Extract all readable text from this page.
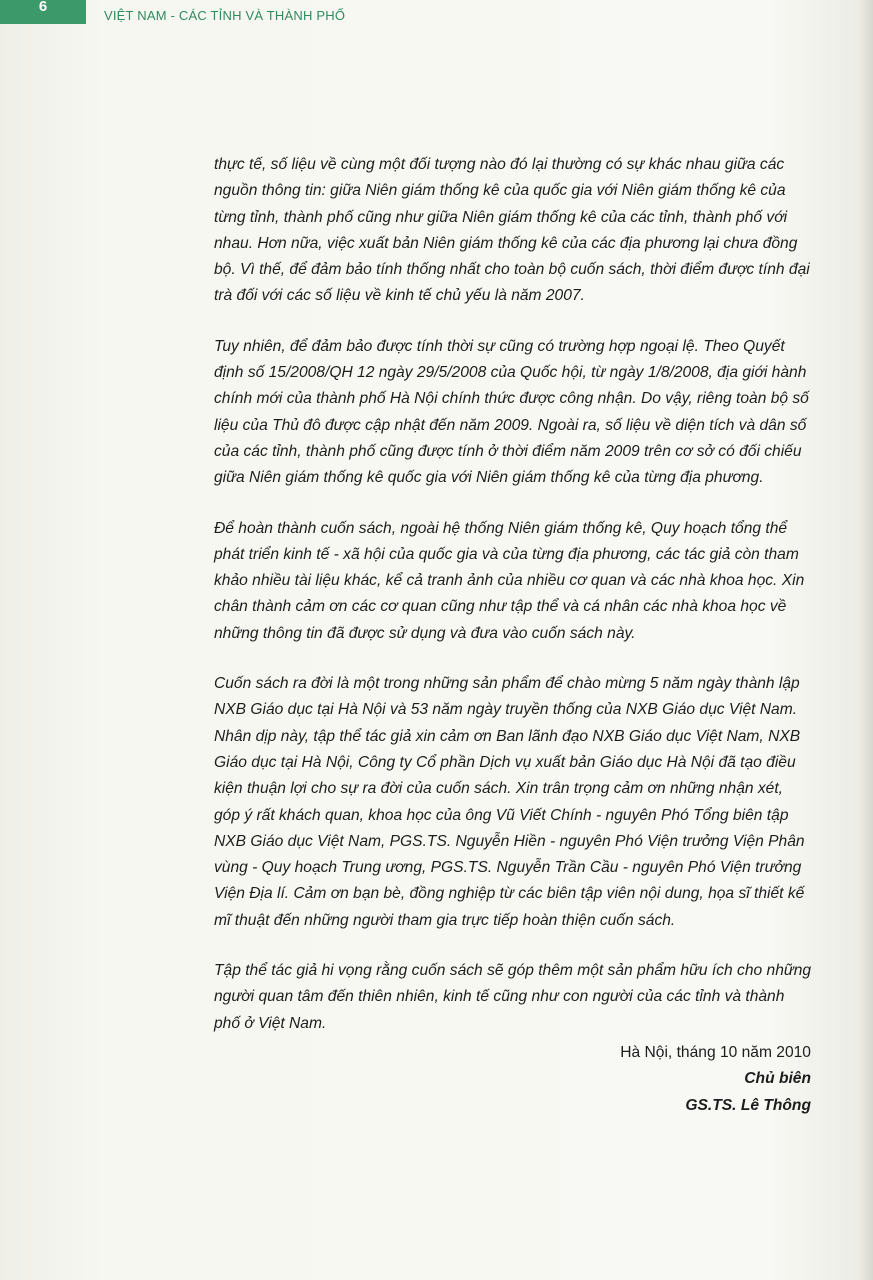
6
VIỆT NAM - CÁC TỈNH VÀ THÀNH PHỐ

thực tế, số liệu về cùng một đối tượng nào đó lại thường có sự khác nhau giữa các nguồn thông tin: giữa Niên giám thống kê của quốc gia với Niên giám thống kê của từng tỉnh, thành phố cũng như giữa Niên giám thống kê của các tỉnh, thành phố với nhau. Hơn nữa, việc xuất bản Niên giám thống kê của các địa phương lại chưa đồng bộ. Vì thế, để đảm bảo tính thống nhất cho toàn bộ cuốn sách, thời điểm được tính đại trà đối với các số liệu về kinh tế chủ yếu là năm 2007.

Tuy nhiên, để đảm bảo được tính thời sự cũng có trường hợp ngoại lệ. Theo Quyết định số 15/2008/QH 12 ngày 29/5/2008 của Quốc hội, từ ngày 1/8/2008, địa giới hành chính mới của thành phố Hà Nội chính thức được công nhận. Do vậy, riêng toàn bộ số liệu của Thủ đô được cập nhật đến năm 2009. Ngoài ra, số liệu về diện tích và dân số của các tỉnh, thành phố cũng được tính ở thời điểm năm 2009 trên cơ sở có đối chiếu giữa Niên giám thống kê quốc gia với Niên giám thống kê của từng địa phương.

Để hoàn thành cuốn sách, ngoài hệ thống Niên giám thống kê, Quy hoạch tổng thể phát triển kinh tế - xã hội của quốc gia và của từng địa phương, các tác giả còn tham khảo nhiều tài liệu khác, kể cả tranh ảnh của nhiều cơ quan và các nhà khoa học. Xin chân thành cảm ơn các cơ quan cũng như tập thể và cá nhân các nhà khoa học về những thông tin đã được sử dụng và đưa vào cuốn sách này.

Cuốn sách ra đời là một trong những sản phẩm để chào mừng 5 năm ngày thành lập NXB Giáo dục tại Hà Nội và 53 năm ngày truyền thống của NXB Giáo dục Việt Nam. Nhân dịp này, tập thể tác giả xin cảm ơn Ban lãnh đạo NXB Giáo dục Việt Nam, NXB Giáo dục tại Hà Nội, Công ty Cổ phần Dịch vụ xuất bản Giáo dục Hà Nội đã tạo điều kiện thuận lợi cho sự ra đời của cuốn sách. Xin trân trọng cảm ơn những nhận xét, góp ý rất khách quan, khoa học của ông Vũ Viết Chính - nguyên Phó Tổng biên tập NXB Giáo dục Việt Nam, PGS.TS. Nguyễn Hiền - nguyên Phó Viện trưởng Viện Phân vùng - Quy hoạch Trung ương, PGS.TS. Nguyễn Trần Cầu - nguyên Phó Viện trưởng Viện Địa lí. Cảm ơn bạn bè, đồng nghiệp từ các biên tập viên nội dung, họa sĩ thiết kế mĩ thuật đến những người tham gia trực tiếp hoàn thiện cuốn sách.

Tập thể tác giả hi vọng rằng cuốn sách sẽ góp thêm một sản phẩm hữu ích cho những người quan tâm đến thiên nhiên, kinh tế cũng như con người của các tỉnh và thành phố ở Việt Nam.

Hà Nội, tháng 10 năm 2010
Chủ biên
GS.TS. Lê Thông
